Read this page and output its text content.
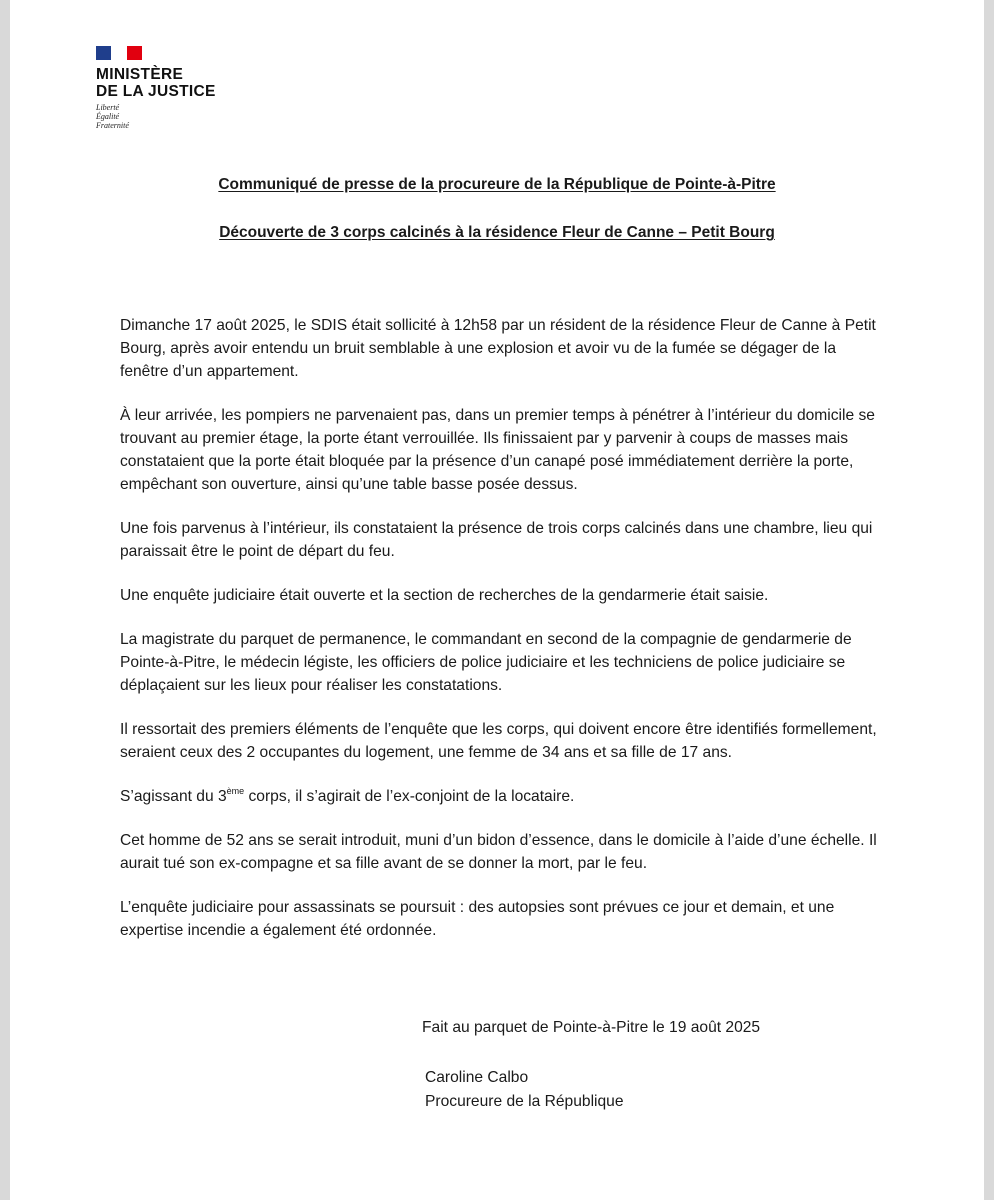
MINISTÈRE
DE LA JUSTICE
Liberté
Égalité
Fraternité
Communiqué de presse de la procureure de la République de Pointe-à-Pitre
Découverte de 3 corps calcinés à la résidence Fleur de Canne – Petit Bourg

Dimanche 17 août 2025, le SDIS était sollicité à 12h58 par un résident de la résidence Fleur de Canne à Petit Bourg, après avoir entendu un bruit semblable à une explosion et avoir vu de la fumée se dégager de la fenêtre d’un appartement.

À leur arrivée, les pompiers ne parvenaient pas, dans un premier temps à pénétrer à l’intérieur du domicile se trouvant au premier étage, la porte étant verrouillée. Ils finissaient par y parvenir à coups de masses mais constataient que la porte était bloquée par la présence d’un canapé posé immédiatement derrière la porte, empêchant son ouverture, ainsi qu’une table basse posée dessus.

Une fois parvenus à l’intérieur, ils constataient la présence de trois corps calcinés dans une chambre, lieu qui paraissait être le point de départ du feu.

Une enquête judiciaire était ouverte et la section de recherches de la gendarmerie était saisie.

La magistrate du parquet de permanence, le commandant en second de la compagnie de gendarmerie de Pointe-à-Pitre, le médecin légiste, les officiers de police judiciaire et les techniciens de police judiciaire se déplaçaient sur les lieux pour réaliser les constatations.

Il ressortait des premiers éléments de l’enquête que les corps, qui doivent encore être identifiés formellement, seraient ceux des 2 occupantes du logement, une femme de 34 ans et sa fille de 17 ans.

S’agissant du 3ème corps, il s’agirait de l’ex-conjoint de la locataire.

Cet homme de 52 ans se serait introduit, muni d’un bidon d’essence, dans le domicile à l’aide d’une échelle. Il aurait tué son ex-compagne et sa fille avant de se donner la mort, par le feu.

L’enquête judiciaire pour assassinats se poursuit : des autopsies sont prévues ce jour et demain, et une expertise incendie a également été ordonnée.

Fait au parquet de Pointe-à-Pitre le 19 août 2025
Caroline Calbo
Procureure de la République
